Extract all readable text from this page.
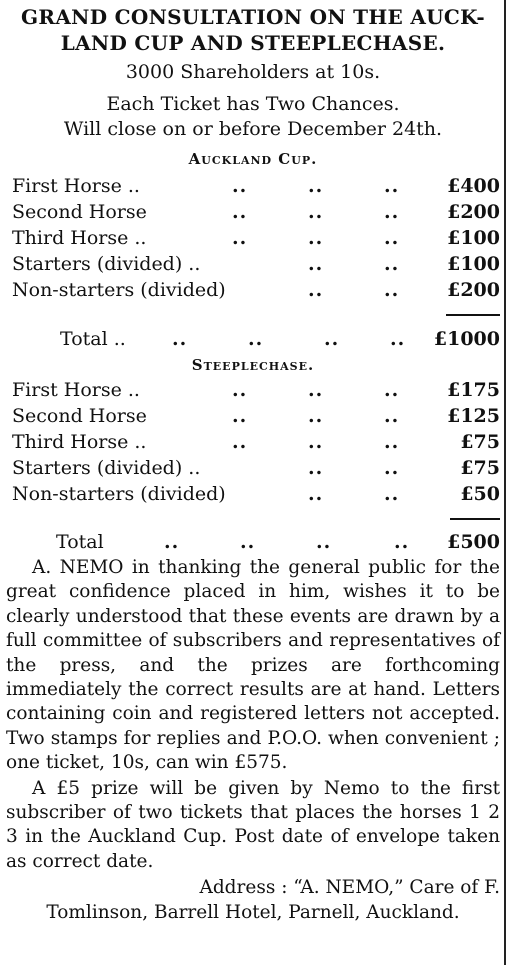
GRAND CONSULTATION ON THE AUCK-
LAND CUP AND STEEPLECHASE.
3000 Shareholders at 10s.
Each Ticket has Two Chances.
Will close on or before December 24th.
Auckland Cup.
First Horse ..	..	..	..	£400
Second Horse	..	..	..	£200
Third Horse ..	..	..	..	£100
Starters (divided) ..	..	..	£100
Non-starters (divided)	..	..	£200
Total .. ..	..	..	.. £1000
Steeplechase.
First Horse ..	..	..	..	£175
Second Horse	..	..	..	£125
Third Horse ..	..	..	..	£75
Starters (divided) ..	..	..	£75
Non-starters (divided)	..	..	£50
Total	..	..	..	.. £500

A. NEMO in thanking the general public for the great confidence placed in him, wishes it to be clearly understood that these events are drawn by a full committee of subscribers and representatives of the press, and the prizes are forthcoming immediately the correct results are at hand. Letters containing coin and registered letters not accepted. Two stamps for replies and P.O.O. when convenient ; one ticket, 10s, can win £575.

A £5 prize will be given by Nemo to the first subscriber of two tickets that places the horses 1 2 3 in the Auckland Cup. Post date of envelope taken as correct date.

Address : “A. NEMO,” Care of F.

Tomlinson, Barrell Hotel, Parnell, Auckland.
